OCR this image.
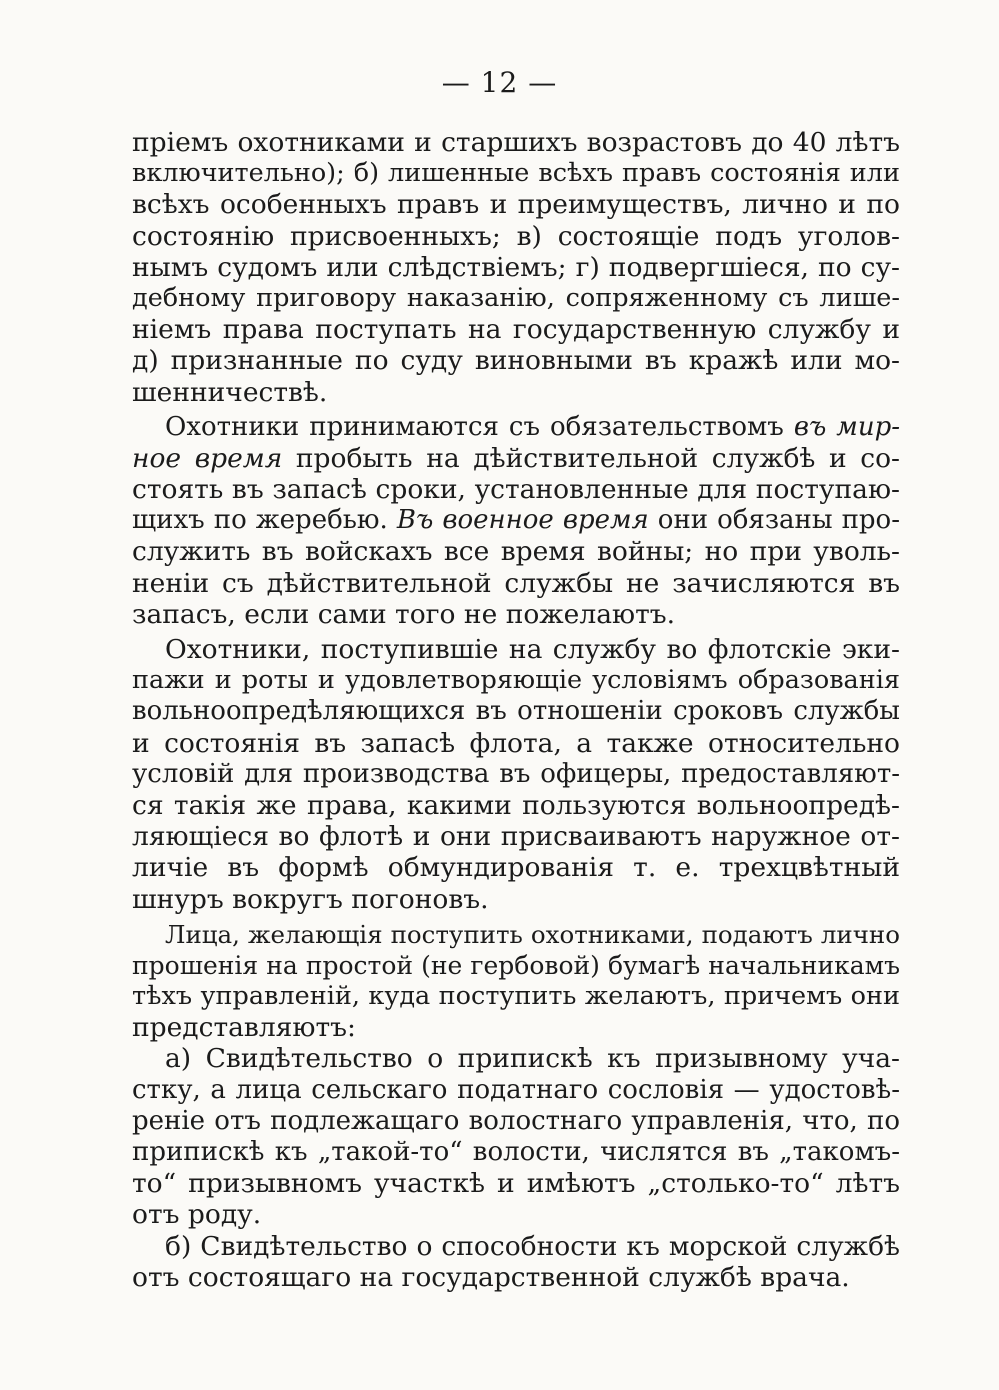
— 12 —
пріемъ охотниками и старшихъ возрастовъ до 40 лѣтъ
включительно); б) лишенные всѣхъ правъ состоянія или
всѣхъ особенныхъ правъ и преимуществъ, лично и по
состоянію присвоенныхъ; в) состоящіе подъ уголов-
нымъ судомъ или слѣдствіемъ; г) подвергшіеся, по су-
дебному приговору наказанію, сопряженному съ лише-
ніемъ права поступать на государственную службу и
д) признанные по суду виновными въ кражѣ или мо-
шенничествѣ.
Охотники принимаются съ обязательствомъ въ мир-
ное время пробыть на дѣйствительной службѣ и со-
стоять въ запасѣ сроки, установленные для поступаю-
щихъ по жеребью. Въ военное время они обязаны про-
служить въ войскахъ все время войны; но при уволь-
неніи съ дѣйствительной службы не зачисляются въ
запасъ, если сами того не пожелаютъ.
Охотники, поступившіе на службу во флотскіе эки-
пажи и роты и удовлетворяющіе условіямъ образованія
вольноопредѣляющихся въ отношеніи сроковъ службы
и состоянія въ запасѣ флота, а также относительно
условій для производства въ офицеры, предоставляют-
ся такія же права, какими пользуются вольноопредѣ-
ляющіеся во флотѣ и они присваиваютъ наружное от-
личіе въ формѣ обмундированія т. е. трехцвѣтный
шнуръ вокругъ погоновъ.
Лица, желающія поступить охотниками, подаютъ лично
прошенія на простой (не гербовой) бумагѣ начальникамъ
тѣхъ управленій, куда поступить желаютъ, причемъ они
представляютъ:
а) Свидѣтельство о припискѣ къ призывному уча-
стку, а лица сельскаго податнаго сословія — удостовѣ-
реніе отъ подлежащаго волостнаго управленія, что, по
припискѣ къ „такой-то“ волости, числятся въ „такомъ-
то“ призывномъ участкѣ и имѣютъ „столько-то“ лѣтъ
отъ роду.
б) Свидѣтельство о способности къ морской службѣ
отъ состоящаго на государственной службѣ врача.
